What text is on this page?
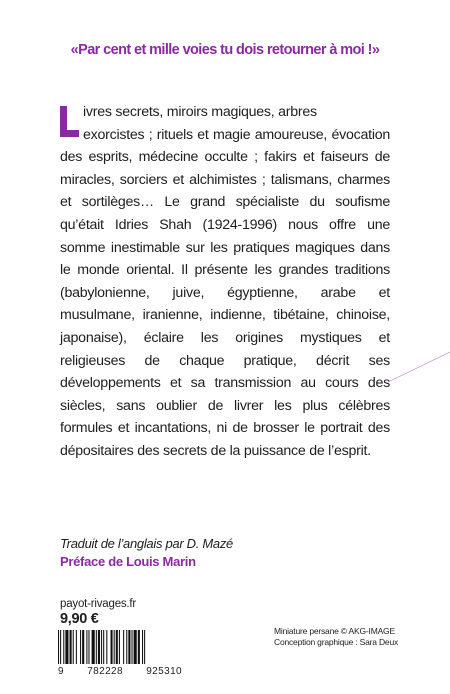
«Par cent et mille voies tu dois retourner à moi !»

ivres secrets, miroirs magiques, arbres
exorcistes ; rituels et magie amoureuse, évocation des esprits, médecine occulte ; fakirs et faiseurs de miracles, sorciers et alchimistes ; talismans, charmes et sortilèges… Le grand spécialiste du soufisme qu’était Idries Shah (1924-1996) nous offre une somme inestimable sur les pratiques magiques dans le monde oriental. Il présente les grandes traditions (babylonienne, juive, égyptienne, arabe et musulmane, iranienne, indienne, tibétaine, chinoise, japonaise), éclaire les origines mystiques et religieuses de chaque pratique, décrit ses développements et sa transmission au cours des siècles, sans oublier de livrer les plus célèbres formules et incantations, ni de brosser le portrait des dépositaires des secrets de la puissance de l’esprit.

Traduit de l’anglais par D. Mazé
Préface de Louis Marin
payot-rivages.fr
9,90 €
9 782228 925310
Miniature persane © AKG-IMAGE
Conception graphique : Sara Deux
